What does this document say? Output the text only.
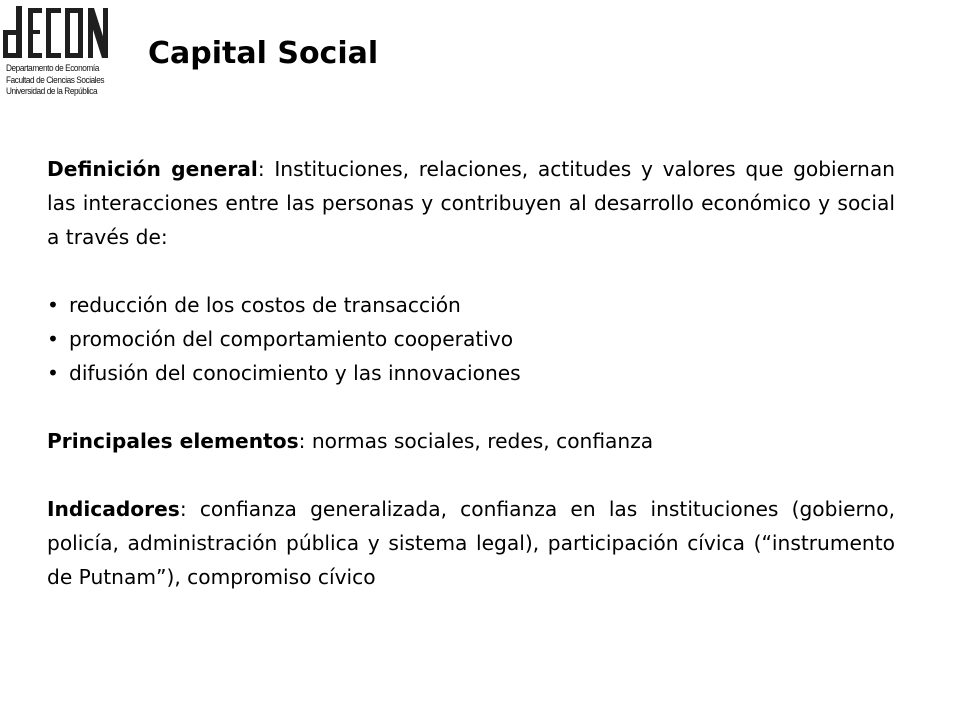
Departamento de Economía
Facultad de Ciencias Sociales
Universidad de la República
Capital Social

Definición general: Instituciones, relaciones, actitudes y valores que gobiernan las interacciones entre las personas y contribuyen al desarrollo económico y social a través de:

• reducción de los costos de transacción
• promoción del comportamiento cooperativo
• difusión del conocimiento y las innovaciones

Principales elementos: normas sociales, redes, confianza

Indicadores: confianza generalizada, confianza en las instituciones (gobierno, policía, administración pública y sistema legal), participación cívica (“instrumento de Putnam”), compromiso cívico
